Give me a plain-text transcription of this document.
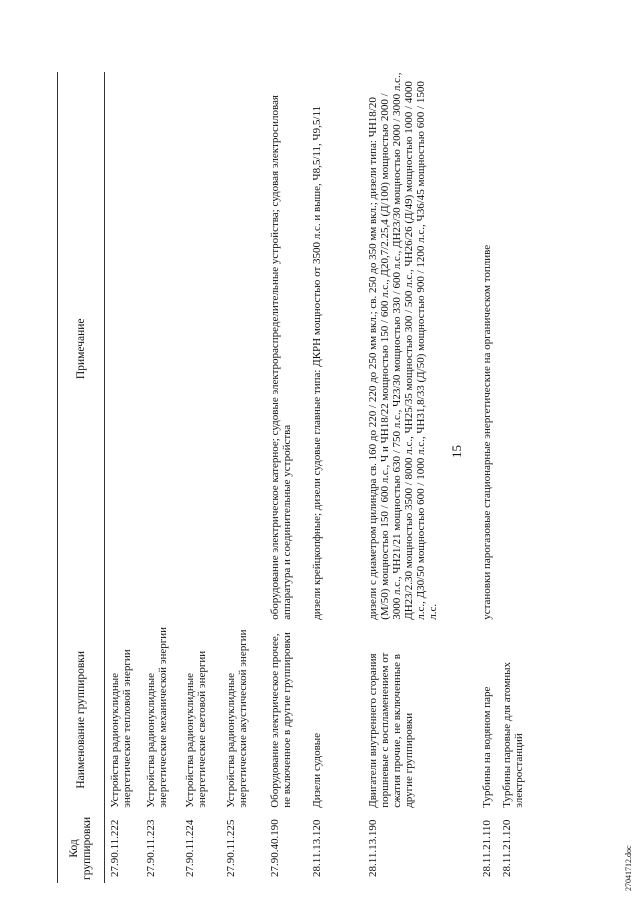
15
Код группировки	Наименование группировки	Примечание
27.90.11.222	Устройства радионуклидные энергетические тепловой энергии	
27.90.11.223	Устройства радионуклидные энергетические механической энергии	
27.90.11.224	Устройства радионуклидные энергетические световой энергии	
27.90.11.225	Устройства радионуклидные энергетические акустической энергии	
27.90.40.190	Оборудование электрическое прочее, не включенное в другие группировки	оборудование электрическое катерное; судовые электрораспределительные устройства; судовая электросиловая аппаратура и соединительные устройства
28.11.13.120	Дизели судовые	дизели крейцкопфные; дизели судовые главные типа: ДКРН мощностью от 3500 л.с. и выше, Ч8,5/11, Ч9,5/11
28.11.13.190	Двигатели внутреннего сгорания поршневые с воспламенением от сжатия прочие, не включенные в другие группировки	дизели с диаметром цилиндра св. 160 до 220 / 220 до 250 мм вкл.; св. 250 до 350 мм вкл.; дизели типа: ЧН18/20 (М/50) мощностью 150 / 600 л.с., Ч и ЧН18/22 мощностью 150 / 600 л.с., Д20,7/2.25,4 (Д/100) мощностью 2000 / 3000 л.с., ЧН21/21 мощностью 630 / 750 л.с., Ч23/30 мощностью 330 / 600 л.с., ДН23/30 мощностью 2000 / 3000 л.с., ДН23/2.30 мощностью 3500 / 8000 л.с., ЧН25/35 мощностью 300 / 500 л.с., ЧН26/26 (Д/49) мощностью 1000 / 4000 л.с., Д30/50 мощностью 600 / 1000 л.с., ЧН31,8/33 (Д/50) мощностью 900 / 1200 л.с., Ч36/45 мощностью 600 / 1500 л.с.
28.11.21.110	Турбины на водяном паре	установки парогазовые стационарные энергетические на органическом топливе
28.11.21.120	Турбины паровые для атомных электростанций	
27041712.doc
